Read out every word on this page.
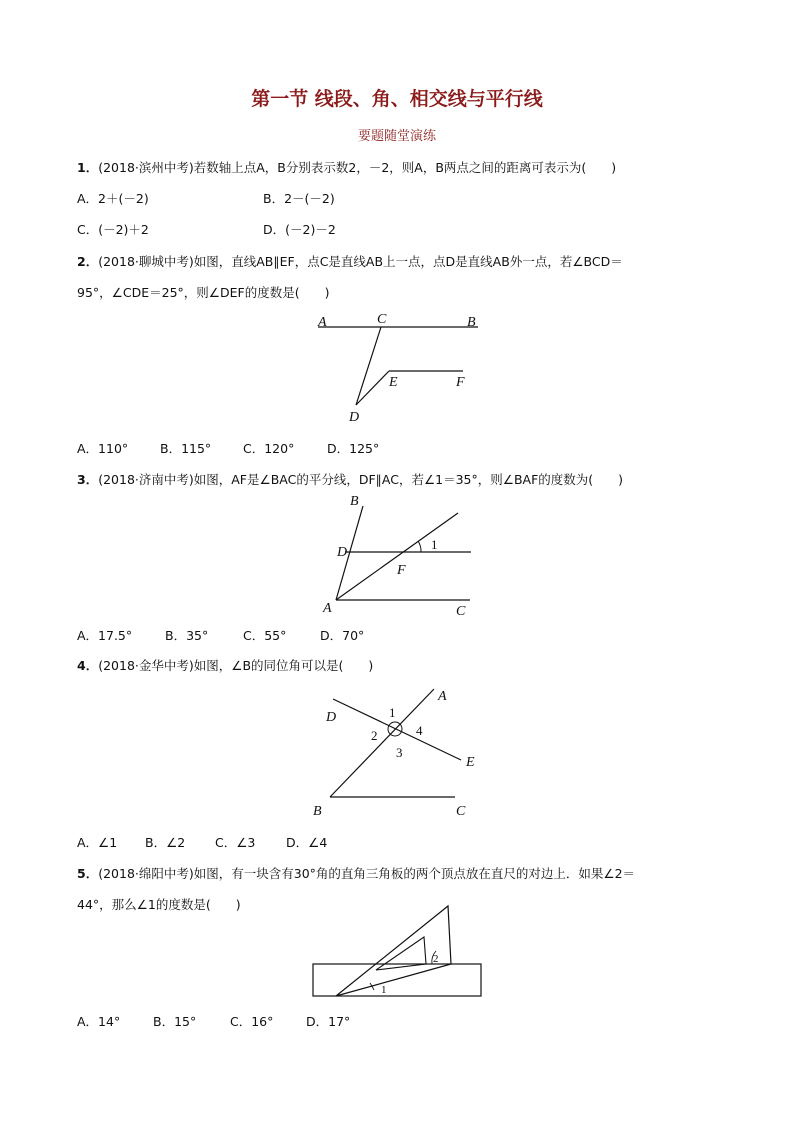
第一节 线段、角、相交线与平行线
要题随堂演练
1．(2018·滨州中考)若数轴上点A，B分别表示数2，－2，则A，B两点之间的距离可表示为(　　)
A．2＋(－2)	B．2－(－2)
C．(－2)＋2	D．(－2)－2
2．(2018·聊城中考)如图，直线AB∥EF，点C是直线AB上一点，点D是直线AB外一点，若∠BCD＝
95°，∠CDE＝25°，则∠DEF的度数是(　　)
A	C	B
E	F
D
A．110°	B．115°	C．120°	D．125°
3．(2018·济南中考)如图，AF是∠BAC的平分线，DF∥AC，若∠1＝35°，则∠BAF的度数为(　　)
B
D
1
F
A	C
A．17.5°	B．35°	C．55°	D．70°
4．(2018·金华中考)如图，∠B的同位角可以是(　　)
A
D	1
2	4
3
E
B	C
A．∠1 B．∠2 C．∠3 D．∠4
5．(2018·绵阳中考)如图，有一块含有30°角的直角三角板的两个顶点放在直尺的对边上．如果∠2＝
44°，那么∠1的度数是(　　)
2
1
A．14°	B．15°	C．16°	D．17°
